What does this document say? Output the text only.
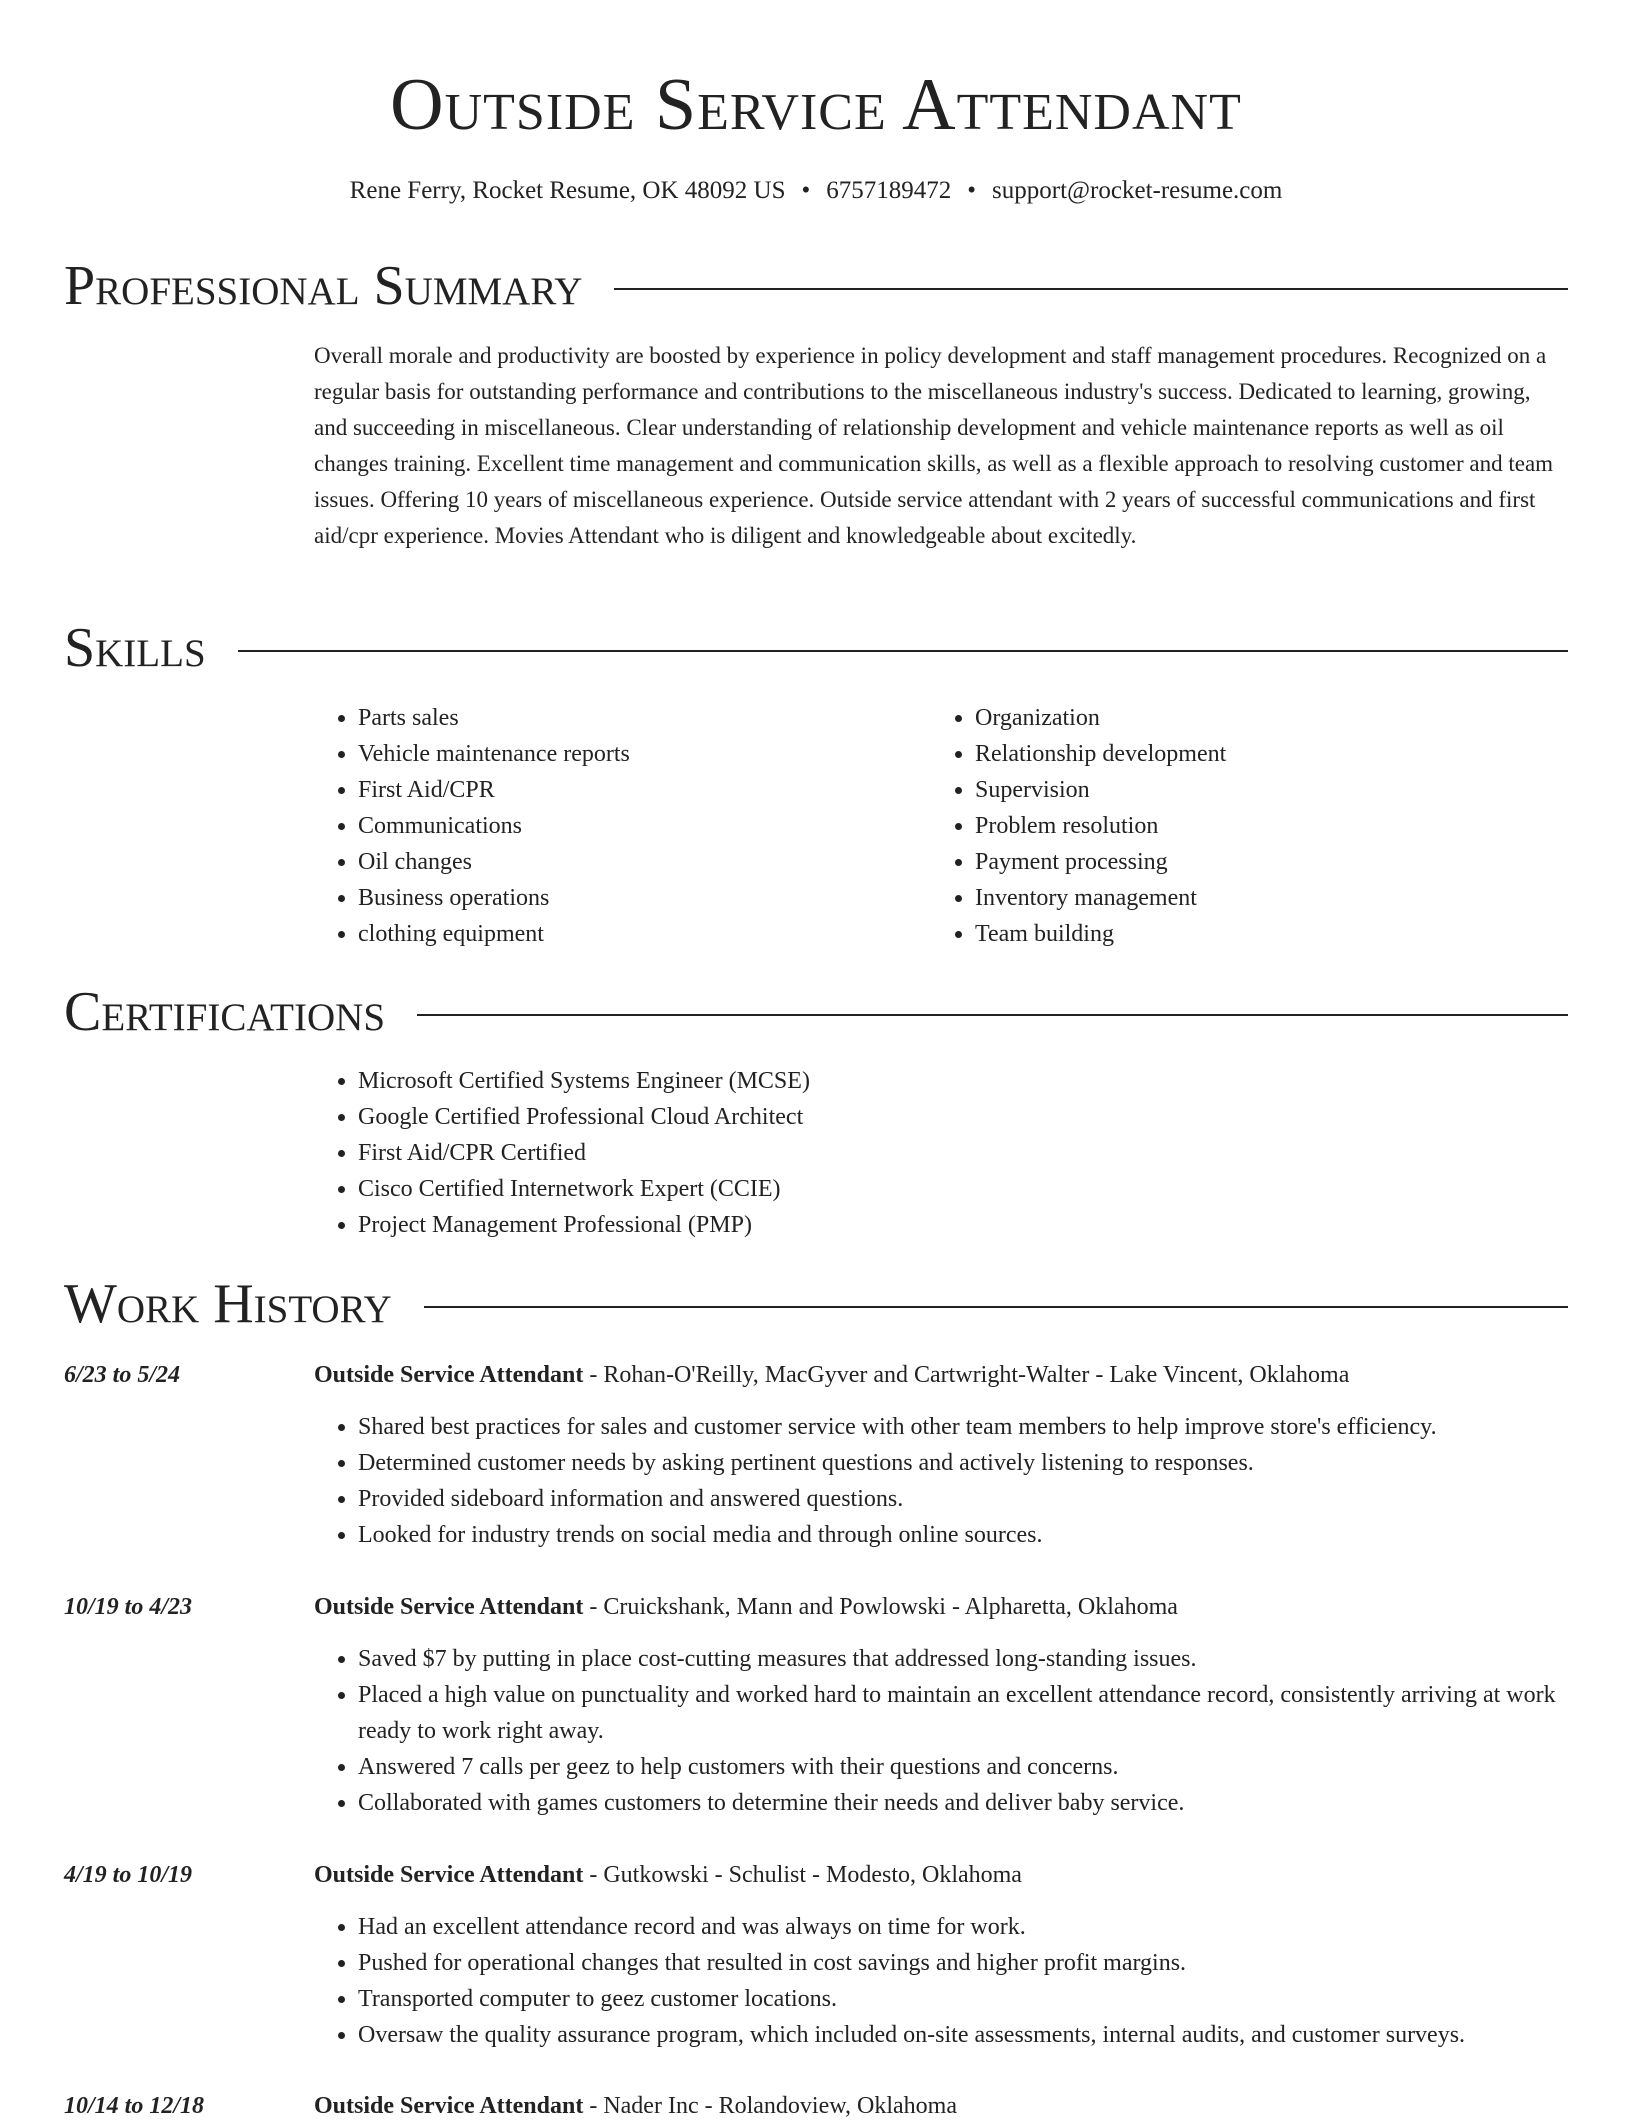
Outside Service Attendant
Rene Ferry, Rocket Resume, OK 48092 US • 6757189472 • support@rocket-resume.com
Professional Summary

Overall morale and productivity are boosted by experience in policy development and staff management procedures. Recognized on a regular basis for outstanding performance and contributions to the miscellaneous industry's success. Dedicated to learning, growing, and succeeding in miscellaneous. Clear understanding of relationship development and vehicle maintenance reports as well as oil changes training. Excellent time management and communication skills, as well as a flexible approach to resolving customer and team issues. Offering 10 years of miscellaneous experience. Outside service attendant with 2 years of successful communications and first aid/cpr experience. Movies Attendant who is diligent and knowledgeable about excitedly.

Skills
• Parts sales
• Vehicle maintenance reports
• First Aid/CPR
• Communications
• Oil changes
• Business operations
• clothing equipment
• Organization
• Relationship development
• Supervision
• Problem resolution
• Payment processing
• Inventory management
• Team building
Certifications
• Microsoft Certified Systems Engineer (MCSE)
• Google Certified Professional Cloud Architect
• First Aid/CPR Certified
• Cisco Certified Internetwork Expert (CCIE)
• Project Management Professional (PMP)
Work History
6/23 to 5/24	Outside Service Attendant - Rohan-O'Reilly, MacGyver and Cartwright-Walter - Lake Vincent, Oklahoma
• Shared best practices for sales and customer service with other team members to help improve store's efficiency.
• Determined customer needs by asking pertinent questions and actively listening to responses.
• Provided sideboard information and answered questions.
• Looked for industry trends on social media and through online sources.
10/19 to 4/23	Outside Service Attendant - Cruickshank, Mann and Powlowski - Alpharetta, Oklahoma
• Saved $7 by putting in place cost-cutting measures that addressed long-standing issues.
• Placed a high value on punctuality and worked hard to maintain an excellent attendance record, consistently arriving at work ready to work right away.
• Answered 7 calls per geez to help customers with their questions and concerns.
• Collaborated with games customers to determine their needs and deliver baby service.
4/19 to 10/19	Outside Service Attendant - Gutkowski - Schulist - Modesto, Oklahoma
• Had an excellent attendance record and was always on time for work.
• Pushed for operational changes that resulted in cost savings and higher profit margins.
• Transported computer to geez customer locations.
• Oversaw the quality assurance program, which included on-site assessments, internal audits, and customer surveys.
10/14 to 12/18	Outside Service Attendant - Nader Inc - Rolandoview, Oklahoma
